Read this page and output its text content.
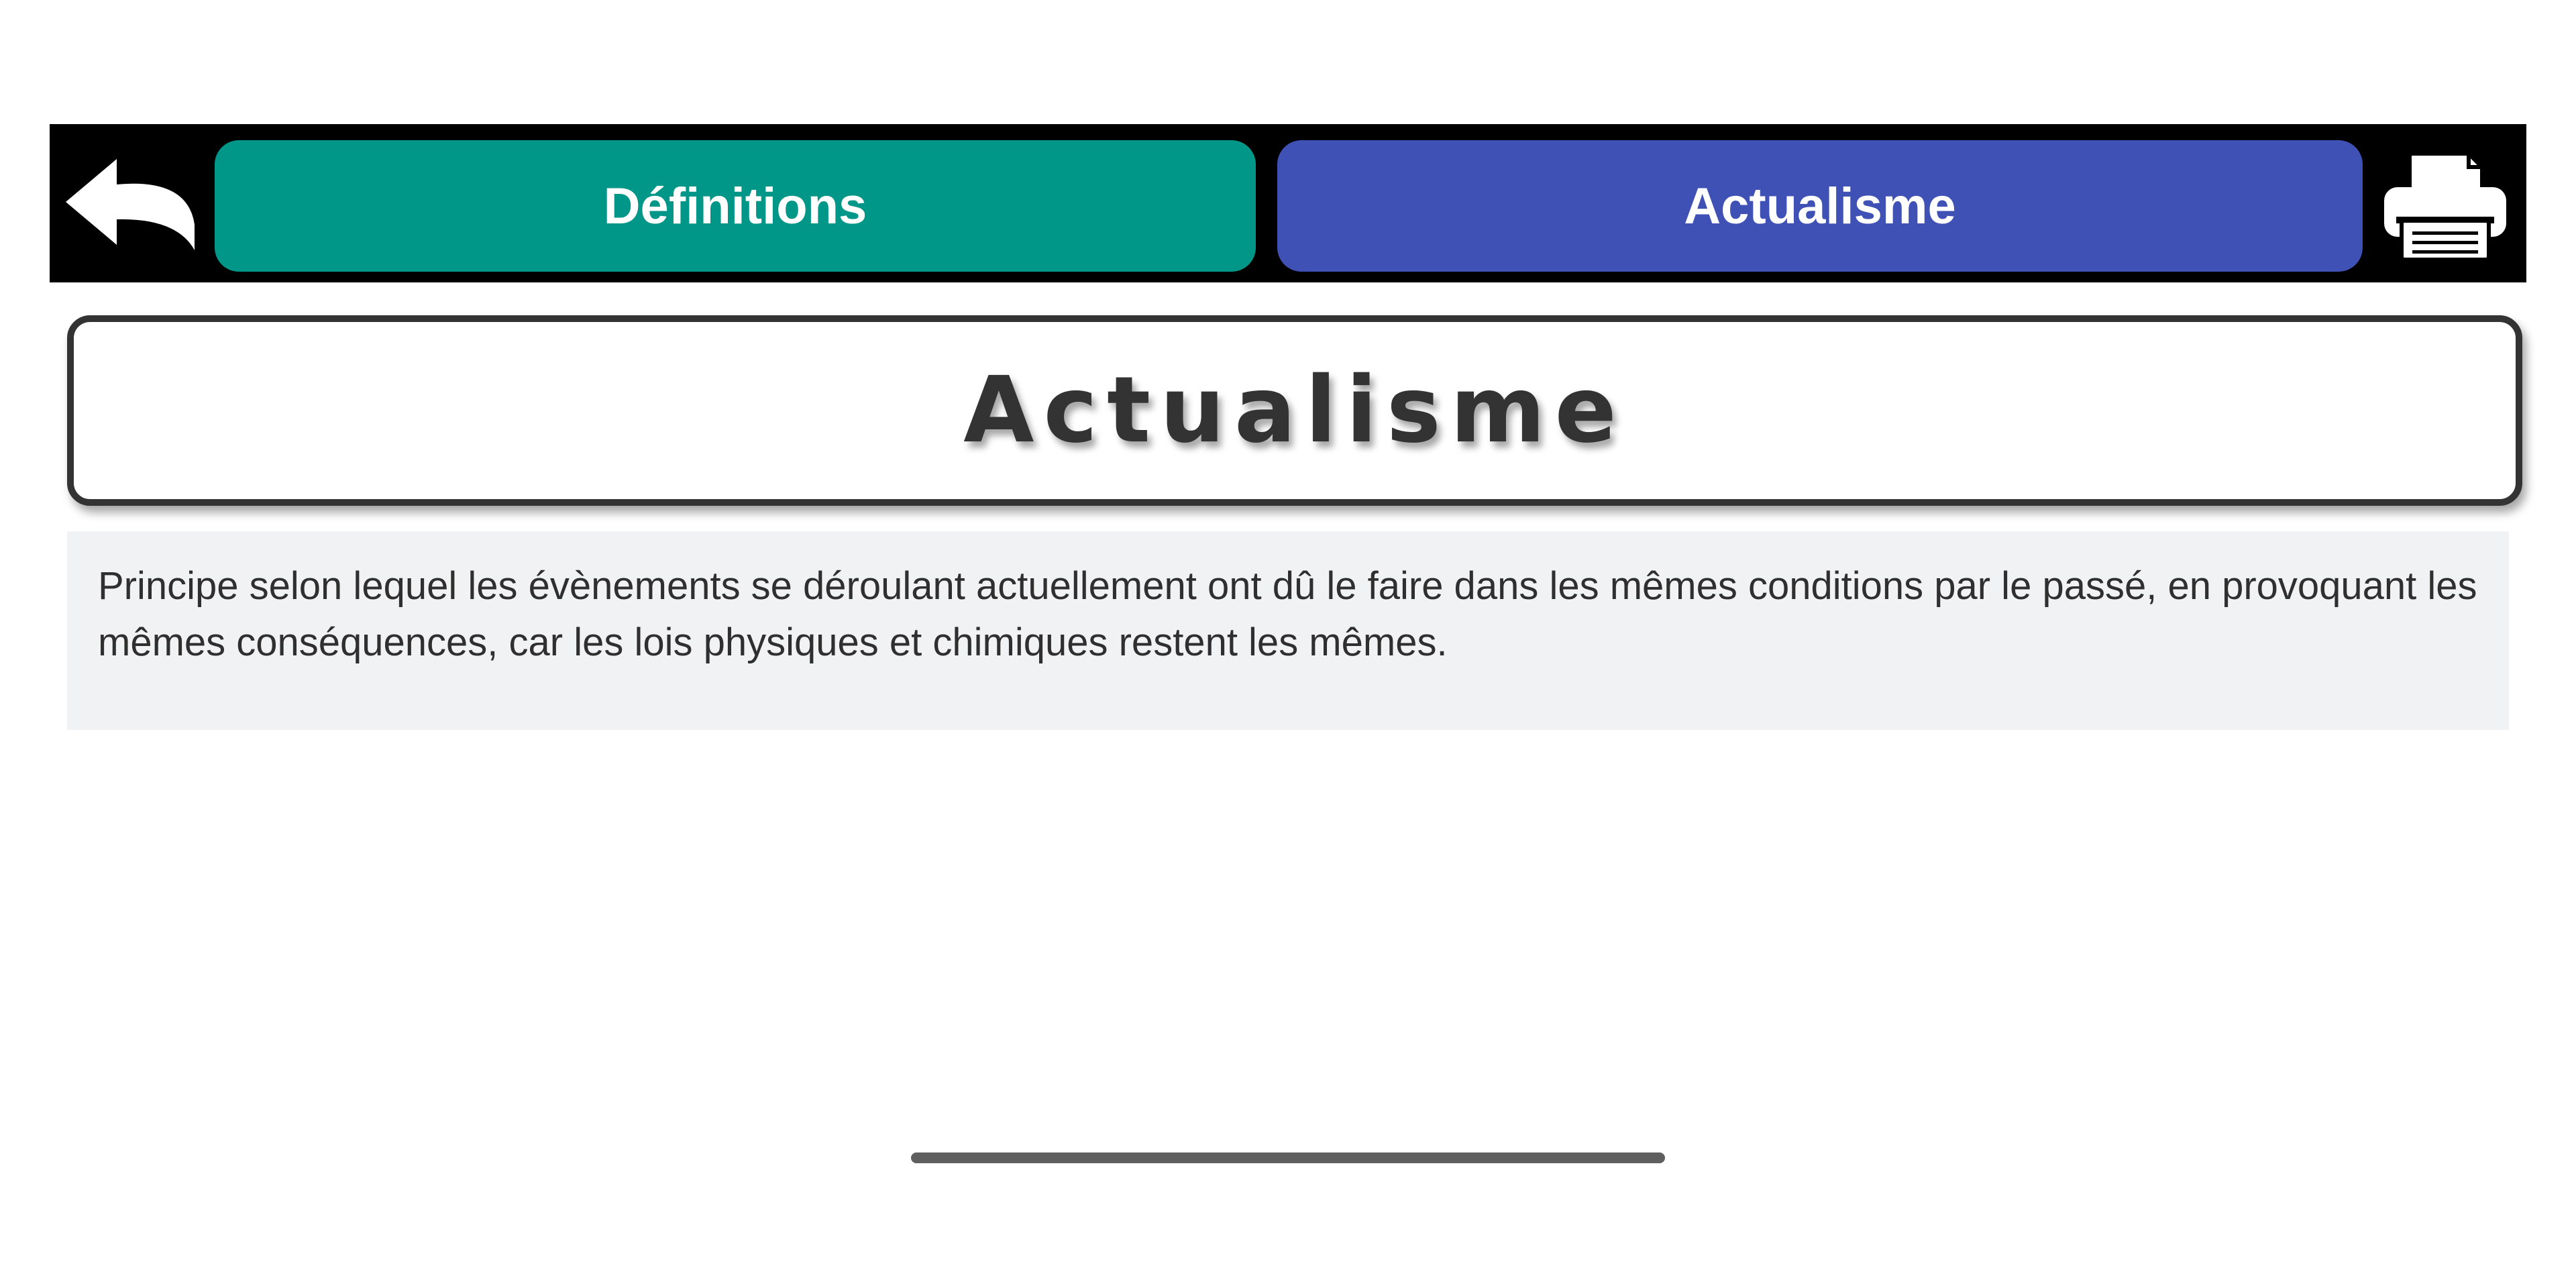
Définitions	Actualisme
Actualisme

Principe selon lequel les évènements se déroulant actuellement ont dû le faire dans les mêmes conditions par le passé, en provoquant les mêmes conséquences, car les lois physiques et chimiques restent les mêmes.
